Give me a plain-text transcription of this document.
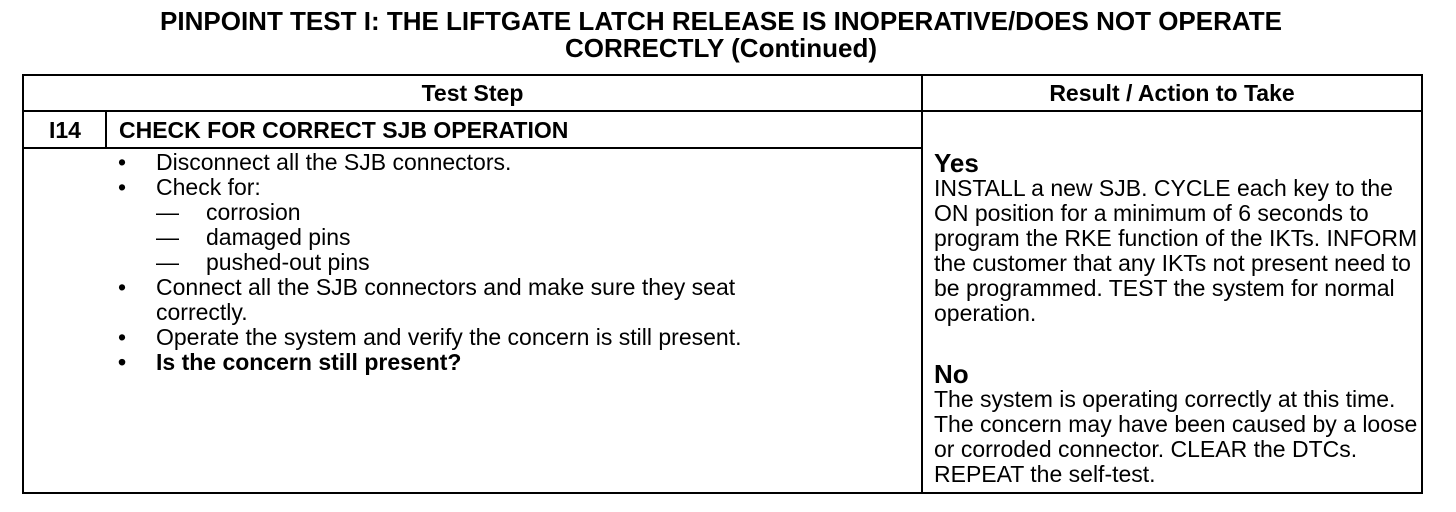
PINPOINT TEST I: THE LIFTGATE LATCH RELEASE IS INOPERATIVE/DOES NOT OPERATE
CORRECTLY (Continued)
Test Step	Result / Action to Take
I14	CHECK FOR CORRECT SJB OPERATION
• Disconnect all the SJB connectors.
• Check for:
— corrosion
— damaged pins
— pushed-out pins
• Connect all the SJB connectors and make sure they seat correctly.
• Operate the system and verify the concern is still present.
• Is the concern still present?
Yes
INSTALL a new SJB. CYCLE each key to the ON position for a minimum of 6 seconds to program the RKE function of the IKTs. INFORM the customer that any IKTs not present need to be programmed. TEST the system for normal operation.
No
The system is operating correctly at this time. The concern may have been caused by a loose or corroded connector. CLEAR the DTCs. REPEAT the self-test.
